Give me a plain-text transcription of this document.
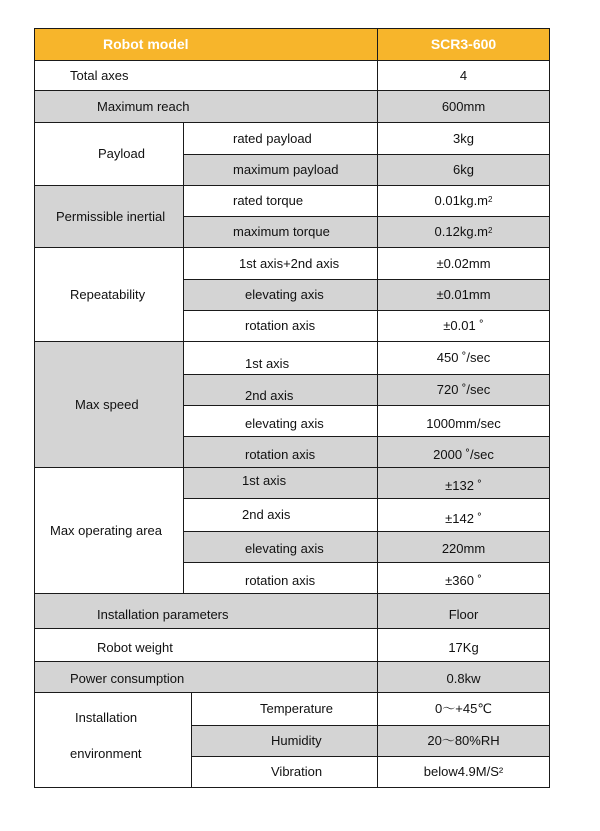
Robot model	SCR3-600
Total axes	4
Maximum reach	600mm
Payload
rated payload	3kg
maximum payload	6kg
Permissible inertial
rated torque	$0.01kg.m^2$
maximum torque	$0.12kg.m^2$
Repeatability
1st axis+2nd axis	±0.02mm
elevating axis	±0.01mm
rotation axis	±0.01 ˚
Max speed
1st axis	450 ˚/sec
2nd axis	720 ˚/sec
elevating axis	1000mm/sec
rotation axis	2000 ˚/sec
Max operating area
1st axis	±132 ˚
2nd axis	±142 ˚
elevating axis	220mm
rotation axis	±360 ˚
Installation parameters	Floor
Robot weight	17Kg
Power consumption	0.8kw
Installation
environment
Temperature	0～+45℃
Humidity	20～80%RH
Vibration	below4.9M/S²
